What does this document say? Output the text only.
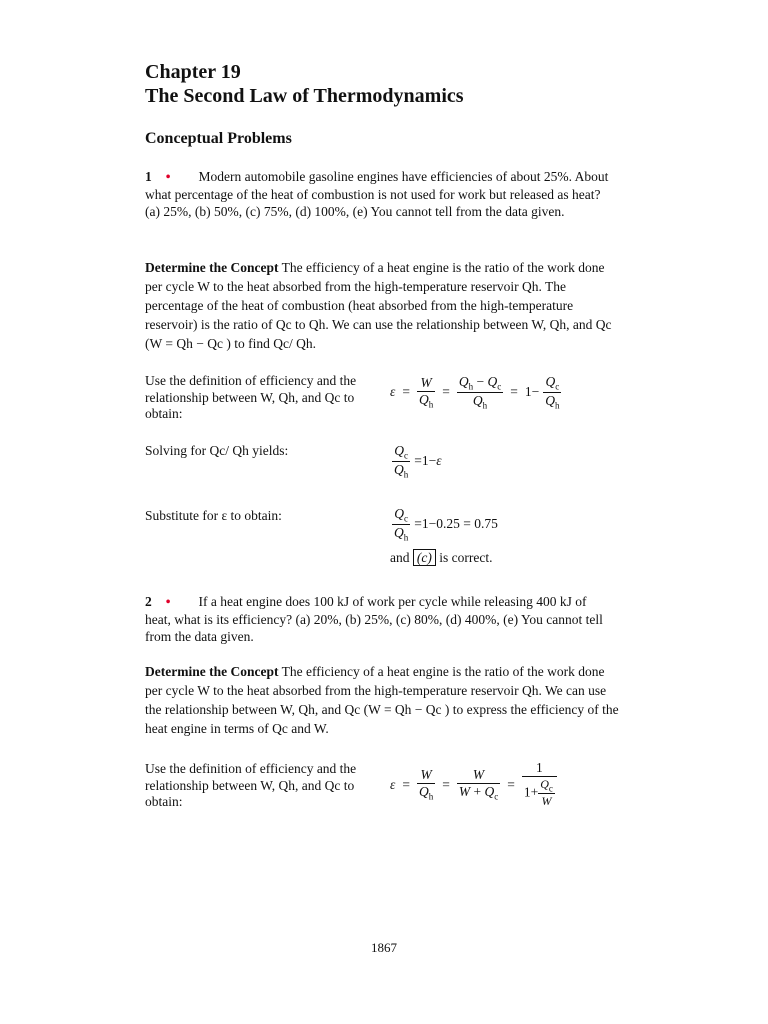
Chapter 19
The Second Law of Thermodynamics
Conceptual Problems
1 • Modern automobile gasoline engines have efficiencies of about 25%. About what percentage of the heat of combustion is not used for work but released as heat? (a) 25%, (b) 50%, (c) 75%, (d) 100%, (e) You cannot tell from the data given.
Determine the Concept The efficiency of a heat engine is the ratio of the work done per cycle W to the heat absorbed from the high-temperature reservoir Qh. The percentage of the heat of combustion (heat absorbed from the high-temperature reservoir) is the ratio of Qc to Qh. We can use the relationship between W, Qh, and Qc (W = Qh − Qc ) to find Qc/ Qh.
Use the definition of efficiency and the relationship between W, Qh, and Qc to obtain:
$\varepsilon = \frac{W}{Q_h} = \frac{Q_h - Q_c}{Q_h} = 1- \frac{Q_c}{Q_h}$
Solving for Qc/ Qh yields:	$\frac{Q_c}{Q_h} =1-\varepsilon$
Substitute for ε to obtain:	$\frac{Q_c}{Q_h} =1-0.25 = 0.75$
and (c) is correct.
2 • If a heat engine does 100 kJ of work per cycle while releasing 400 kJ of heat, what is its efficiency? (a) 20%, (b) 25%, (c) 80%, (d) 400%, (e) You cannot tell from the data given.
Determine the Concept The efficiency of a heat engine is the ratio of the work done per cycle W to the heat absorbed from the high-temperature reservoir Qh. We can use the relationship between W, Qh, and Qc (W = Qh − Qc ) to express the efficiency of the heat engine in terms of Qc and W.
Use the definition of efficiency and the relationship between W, Qh, and Qc to obtain:
$\varepsilon = \frac{W}{Q_h} = \frac{W}{W + Q_c} = \frac{1}{1+ \frac{Q_c}{W}}$
1867
